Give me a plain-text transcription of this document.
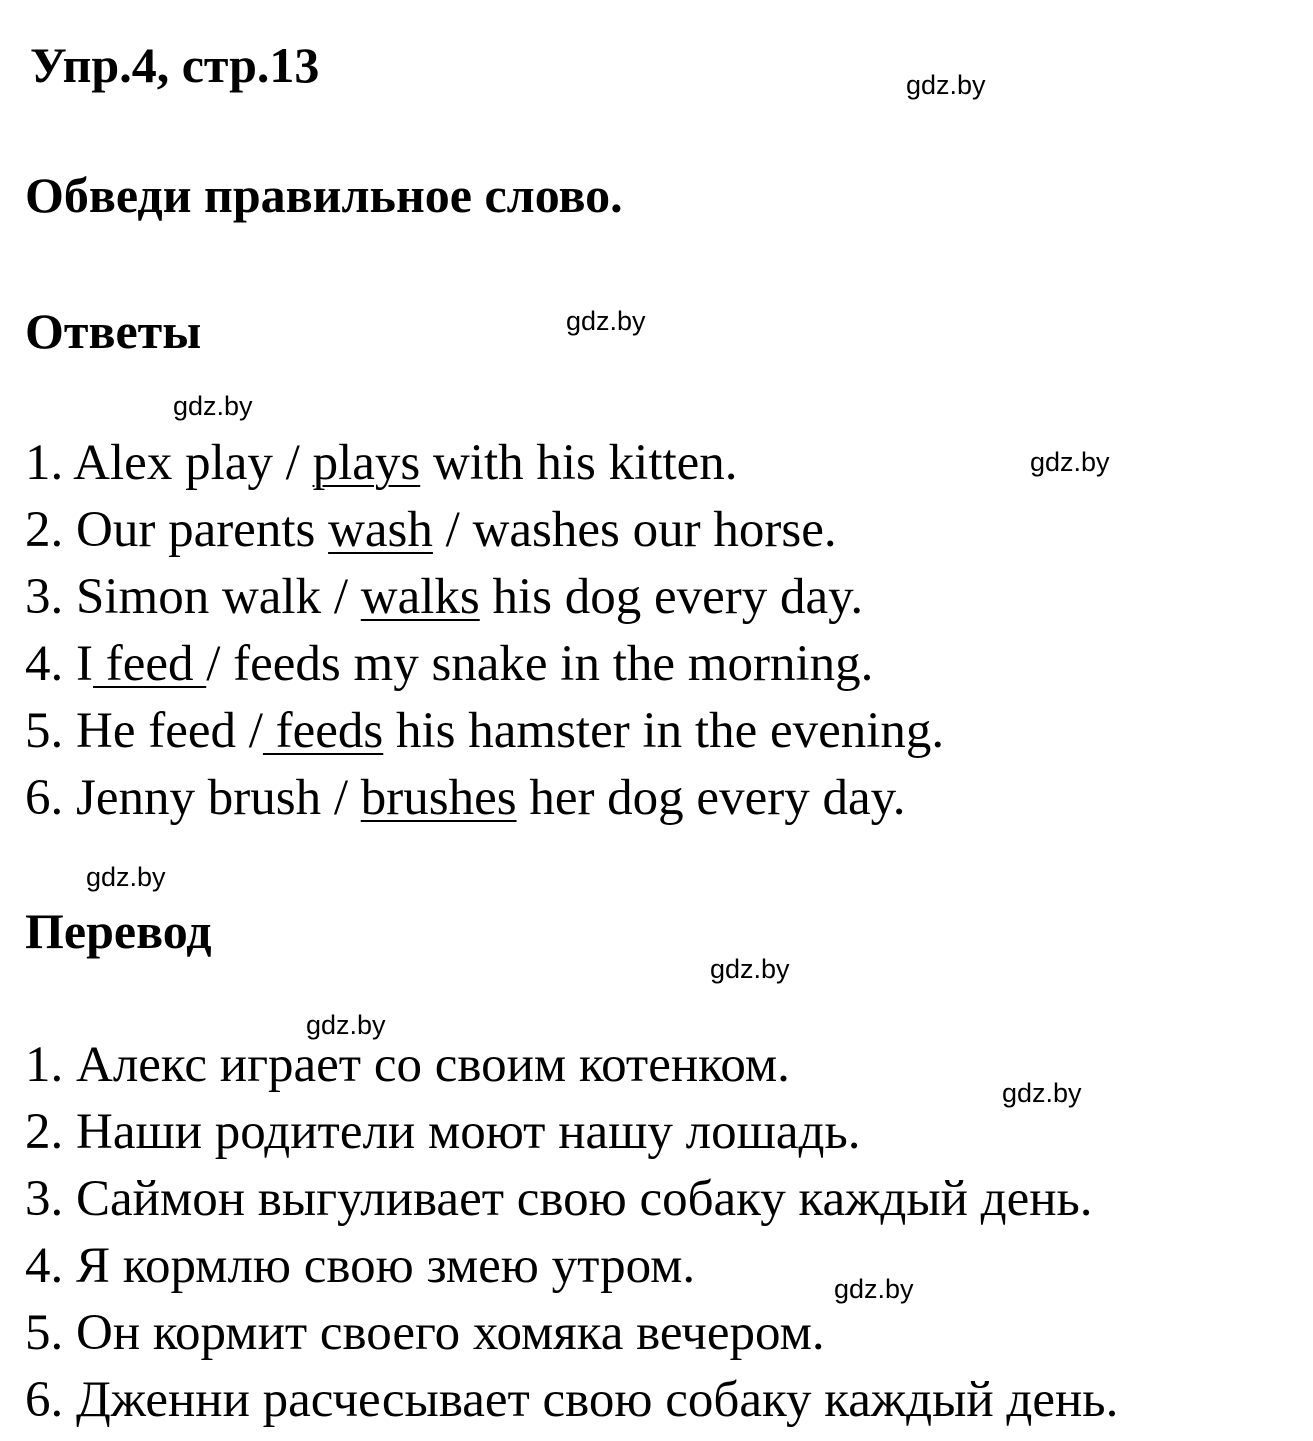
Упр.4, стр.13
Обведи правильное слово.
Ответы
1. Alex play / plays with his kitten.
2. Our parents wash / washes our horse.
3. Simon walk / walks his dog every day.
4. I feed / feeds my snake in the morning.
5. He feed / feeds his hamster in the evening.
6. Jenny brush / brushes her dog every day.
Перевод
1. Алекс играет со своим котенком.
2. Наши родители моют нашу лошадь.
3. Саймон выгуливает свою собаку каждый день.
4. Я кормлю свою змею утром.
5. Он кормит своего хомяка вечером.
6. Дженни расчесывает свою собаку каждый день.
gdz.by
gdz.by
gdz.by
gdz.by
gdz.by
gdz.by
gdz.by
gdz.by
gdz.by
